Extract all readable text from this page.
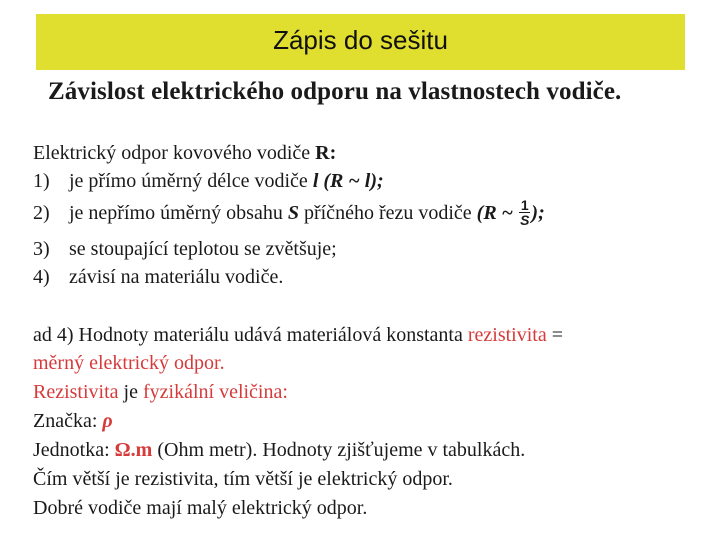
Zápis do sešitu
Závislost elektrického odporu na vlastnostech vodiče.
Elektrický odpor kovového vodiče R:
1) je přímo úměrný délce vodiče l (R ~ l);
2) je nepřímo úměrný obsahu S příčného řezu vodiče (R ~ $\frac{1}{S}$ );
3) se stoupající teplotou se zvětšuje;
4) závisí na materiálu vodiče.
ad 4) Hodnoty materiálu udává materiálová konstanta rezistivita =
měrný elektrický odpor.
Rezistivita je fyzikální veličina:
Značka: ρ
Jednotka: Ω.m (Ohm metr). Hodnoty zjišťujeme v tabulkách.
Čím větší je rezistivita, tím větší je elektrický odpor.
Dobré vodiče mají malý elektrický odpor.
